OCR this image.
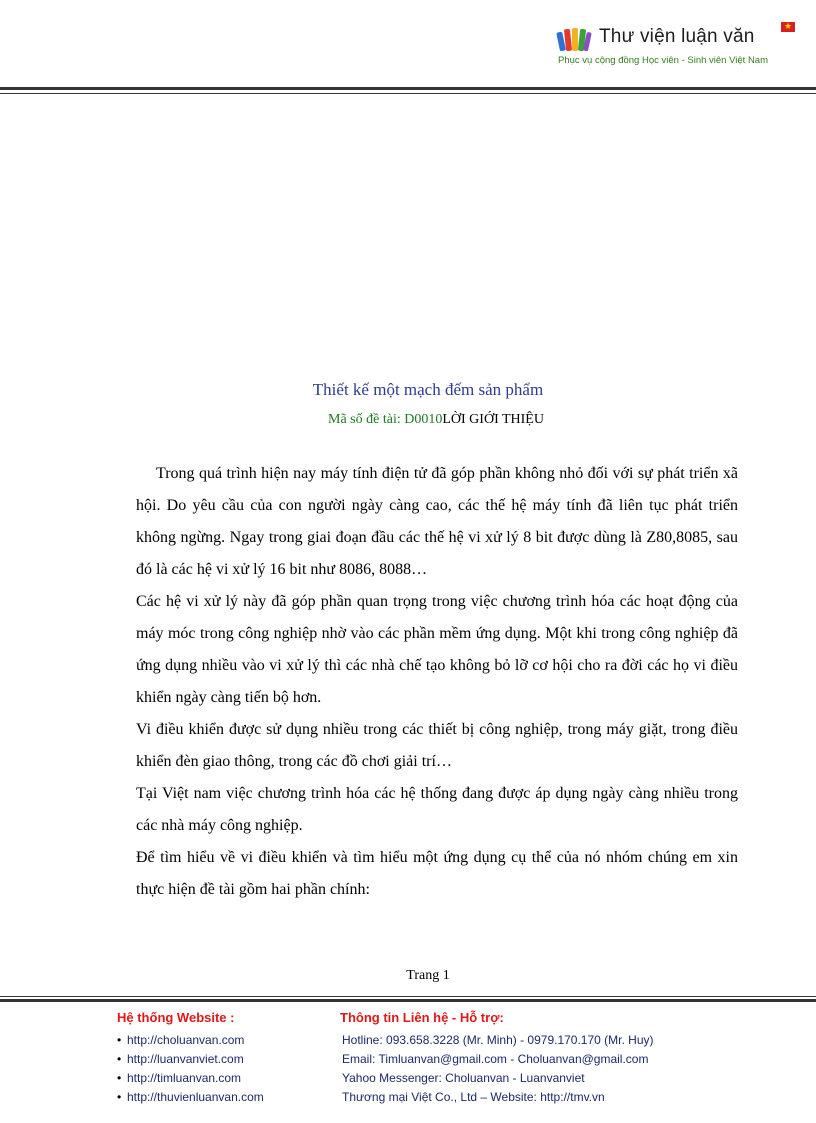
Thư viện luận văn	★
Phục vụ cộng đồng Học viên - Sinh viên Việt Nam
Thiết kế một mạch đếm sản phẩm
Mã số đề tài: D0010LỜI GIỚI THIỆU

Trong quá trình hiện nay máy tính điện tử đã góp phần không nhỏ đối với sự phát triển xã hội. Do yêu cầu của con người ngày càng cao, các thế hệ máy tính đã liên tục phát triển không ngừng. Ngay trong giai đoạn đầu các thế hệ vi xử lý 8 bit được dùng là Z80,8085, sau đó là các hệ vi xử lý 16 bit như 8086, 8088…

Các hệ vi xử lý này đã góp phần quan trọng trong việc chương trình hóa các hoạt động của máy móc trong công nghiệp nhờ vào các phần mềm ứng dụng. Một khi trong công nghiệp đã ứng dụng nhiều vào vi xử lý thì các nhà chế tạo không bỏ lỡ cơ hội cho ra đời các họ vi điều khiển ngày càng tiến bộ hơn.

Vi điều khiển được sử dụng nhiều trong các thiết bị công nghiệp, trong máy giặt, trong điều khiển đèn giao thông, trong các đồ chơi giải trí…

Tại Việt nam việc chương trình hóa các hệ thống đang được áp dụng ngày càng nhiều trong các nhà máy công nghiệp.

Để tìm hiểu về vi điều khiển và tìm hiểu một ứng dụng cụ thể của nó nhóm chúng em xin thực hiện đề tài gồm hai phần chính:

Trang 1
Hệ thống Website :
• http://choluanvan.com
• http://luanvanviet.com
• http://timluanvan.com
• http://thuvienluanvan.com
Thông tin Liên hệ - Hỗ trợ:
Hotline: 093.658.3228 (Mr. Minh) - 0979.170.170 (Mr. Huy)
Email: Timluanvan@gmail.com - Choluanvan@gmail.com
Yahoo Messenger: Choluanvan - Luanvanviet
Thương mại Việt Co., Ltd – Website: http://tmv.vn
